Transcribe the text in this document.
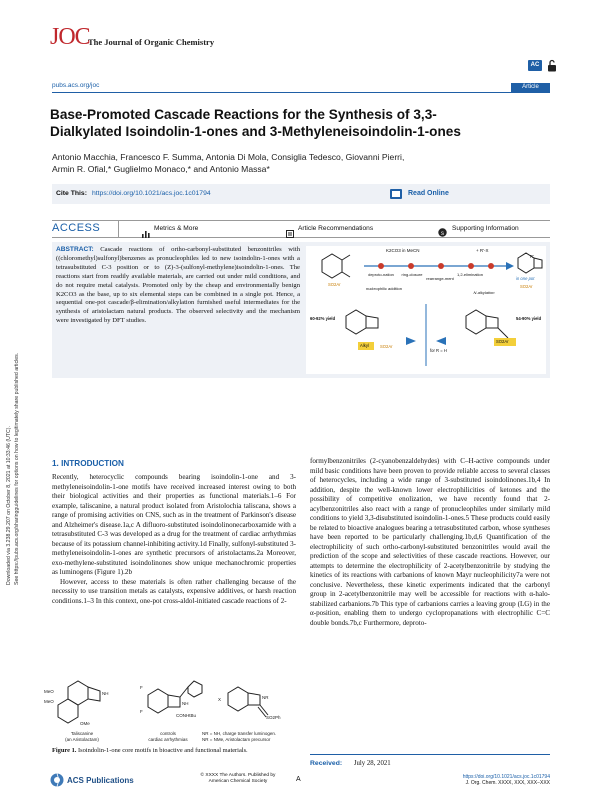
Downloaded via 3.238.29.207 on October 8, 2021 at 10:33:46 (UTC). See https://pubs.acs.org/sharingguidelines for options on how to legitimately share published articles.
JOC
The Journal of Organic Chemistry
AC
pubs.acs.org/joc	Article
Base-Promoted Cascade Reactions for the Synthesis of 3,3-
Dialkylated Isoindolin-1-ones and 3-Methyleneisoindolin-1-ones
Antonio Macchia, Francesco F. Summa, Antonia Di Mola, Consiglia Tedesco, Giovanni Pierri,
Armin R. Ofial,* Guglielmo Monaco,* and Antonio Massa*
Cite This: https://doi.org/10.1021/acs.joc.1c01794	Read Online
ACCESS	Metrics & More	Article Recommendations
s
Supporting Information
ABSTRACT: Cascade reactions of ortho-carbonyl-substituted benzonitriles with ((chloromethyl)sulfonyl)benzenes as pronucleophiles led to new isoindolin-1-ones with a tetrasubstituted C-3 position or to (Z)-3-(sulfonyl-methylene)isoindolin-1-ones. The reactions start from readily available materials, are carried out under mild conditions, and do not require metal catalysis. Promoted only by the cheap and environmentally benign K2CO3 as the base, up to six elemental steps can be combined in a single pot. Hence, a sequential one-pot cascade/β-elimination/alkylation furnished useful intermediates for the synthesis of aristolactam natural products. The observed selectivity and the mechanism were investigated by DFT studies.
K2CO3 in MeCN	+ R'-X
SO2Ar
deproto-nation
nucleophilic addition
ring-closure
rearrange-ment
1,2-elimination
N-alkylation
in one pot
R'
SO2Ar
60-92% yield
Alkyl	SO2Ar
for R = H
54-90% yield
SO2Ar
1. INTRODUCTION

Recently, heterocyclic compounds bearing isoindolin-1-one and 3-methyleneisoindolin-1-one motifs have received increased interest owing to both their biological activities and their properties as functional materials.1–6 For example, taliscanine, a natural product isolated from Aristolochia taliscana, shows a range of promising activities on CNS, such as in the treatment of Parkinson's disease and Alzheimer's disease.1a,c A difluoro-substituted isoindolinonecarboxamide with a tetrasubstituted C-3 was developed as a drug for the treatment of cardiac arrhythmias because of its potassium channel-inhibiting activity.1d Finally, sulfonyl-substituted 3-methyleneisoindolin-1-ones are synthetic precursors of aristolactams.2a Moreover, exo-methylene-substituted isoindolinones show unique mechanochromic properties as luminogens (Figure 1).2b

However, access to these materials is often rather challenging because of the necessity to use transition metals as catalysts, expensive additives, or harsh reaction conditions.1–3 In this context, one-pot cross-aldol-initiated cascade reactions of 2-

MeO
MeO	NH
OMe
F
F
NH
CONHtBu
X	NR
SO2Ph
Taliscanine
(an Aristolactam)
controls
cardiac arrhythmias
NR = NH, charge transfer luminogen.
NR = NMe, Aristolactam precursor
Figure 1. Isoindolin-1-one core motifs in bioactive and functional materials.

formylbenzonitriles (2-cyanobenzaldehydes) with C–H-active compounds under mild basic conditions have been proven to provide reliable access to several classes of heterocycles, including a wide range of 3-substituted isoindolinones.1b,4 In addition, despite the well-known lower electrophilicities of ketones and the possibility of competitive enolization, we have recently found that 2-acylbenzonitriles also react with a range of pronucleophiles under similarly mild conditions to yield 3,3-disubstituted isoindolin-1-ones.5 These products could easily be related to bioactive analogues bearing a tetrasubstituted carbon, whose syntheses have been reported to be particularly challenging.1b,d,6 Quantification of the electrophilicity of such ortho-carbonyl-substituted benzonitriles would avail the prediction of the scope and selectivities of these cascade reactions. However, our attempts to determine the electrophilicity of 2-acetylbenzonitrile by studying the kinetics of its reactions with carbanions of known Mayr nucleophilicity7a were not conclusive. Nevertheless, these kinetic experiments indicated that the carbonyl group in 2-acetylbenzonitrile may well be accessible for reactions with α-halo-stabilized carbanions.7b This type of carbanions carries a leaving group (LG) in the α-position, enabling them to undergo cyclopropanations with electrophilic C=C double bonds.7b,c Furthermore, deproto-

Received: July 28, 2021
ACS Publications
© XXXX The Authors. Published by
American Chemical Society	A	https://doi.org/10.1021/acs.joc.1c01794
J. Org. Chem. XXXX, XXX, XXX−XXX
